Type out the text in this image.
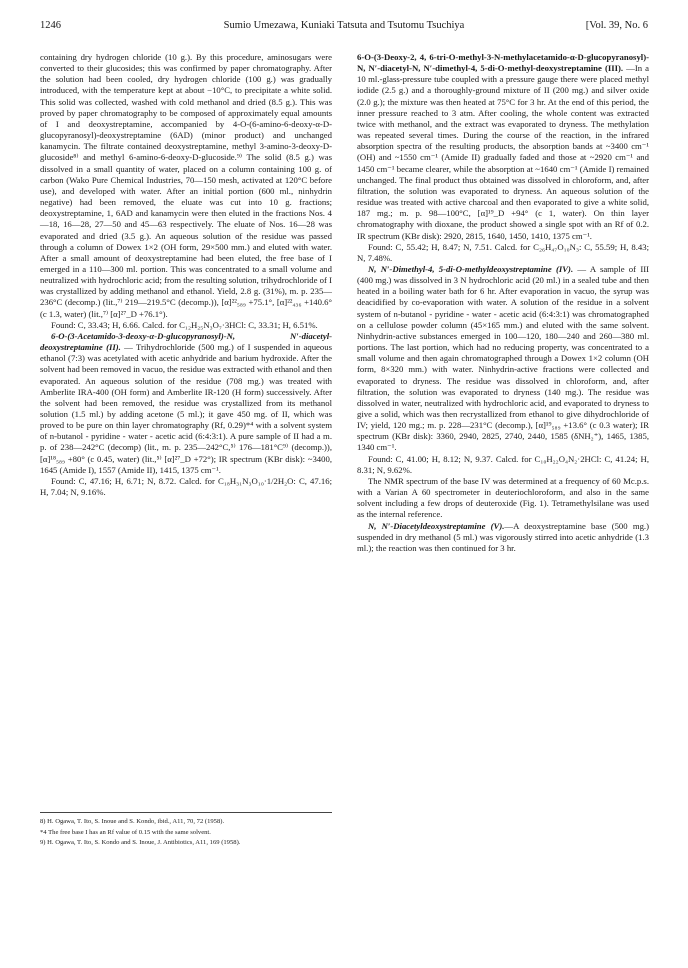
1246	Sumio Umezawa, Kuniaki Tatsuta and Tsutomu Tsuchiya	[Vol. 39, No. 6

containing dry hydrogen chloride (10 g.). By this procedure, aminosugars were converted to their glucosides; this was confirmed by paper chromatography. After the solution had been cooled, dry hydrogen chloride (100 g.) was gradually introduced, with the temperature kept at about −10°C, to precipitate a white solid. This solid was collected, washed with cold methanol and dried (8.5 g.). This was proved by paper chromatography to be composed of approximately equal amounts of I and deoxystreptamine, accompanied by 4-O-(6-amino-6-deoxy-α-D-glucopyranosyl)-deoxystreptamine (6AD) (minor product) and unchanged kanamycin. The filtrate contained deoxystreptamine, methyl 3-amino-3-deoxy-D-glucoside⁸⁾ and methyl 6-amino-6-deoxy-D-glucoside.⁹⁾ The solid (8.5 g.) was dissolved in a small quantity of water, placed on a column containing 100 g. of carbon (Wako Pure Chemical Industries, 70—150 mesh, activated at 120°C before use), and developed with water. After an initial portion (600 ml., ninhydrin negative) had been removed, the eluate was cut into 10 g. fractions; deoxystreptamine, 1, 6AD and kanamycin were then eluted in the fractions Nos. 4—18, 16—28, 27—50 and 45—63 respectively. The eluate of Nos. 16—28 was evaporated and dried (3.5 g.). An aqueous solution of the residue was passed through a column of Dowex 1×2 (OH form, 29×500 mm.) and eluted with water. After a small amount of deoxystreptamine had been eluted, the free base of I emerged in a 110—300 ml. portion. This was concentrated to a small volume and neutralized with hydrochloric acid; from the resulting solution, trihydrochloride of I was crystallized by adding methanol and ethanol. Yield, 2.8 g. (31%), m. p. 235—236°C (decomp.) (lit.,⁷⁾ 219—219.5°C (decomp.)), [α]²²₅₈₉ +75.1°, [α]²²₄₃₆ +140.6° (c 1.3, water) (lit.,⁷⁾ [α]²⁷_D +76.1°).

Found: C, 33.43; H, 6.66. Calcd. for C₁₂H₂₅N₃O₇·3HCl: C, 33.31; H, 6.51%.

6-O-(3-Acetamido-3-deoxy-α-D-glucopyranosyl)-N, N′-diacetyl-deoxystreptamine (II). — Trihydrochloride (500 mg.) of I suspended in aqueous ethanol (7:3) was acetylated with acetic anhydride and barium hydroxide. After the solvent had been removed in vacuo, the residue was extracted with ethanol and then evaporated. An aqueous solution of the residue (708 mg.) was treated with Amberlite IRA-400 (OH form) and Amberlite IR-120 (H form) successively. After the solvent had been removed, the residue was crystallized from its methanol solution (1.5 ml.) by adding acetone (5 ml.); it gave 450 mg. of II, which was proved to be pure on thin layer chromatography (Rf, 0.29)*⁴ with a solvent system of n-butanol - pyridine - water - acetic acid (6:4:3:1). A pure sample of II had a m. p. of 238—242°C (decomp) (lit., m. p. 235—242°C,⁵⁾ 176—181°C⁹⁾ (decomp.)), [α]¹⁸₅₈₉ +80° (c 0.45, water) (lit.,⁵⁾ [α]²⁷_D +72°); IR spectrum (KBr disk): ~3400, 1645 (Amide I), 1557 (Amide II), 1415, 1375 cm⁻¹.

Found: C, 47.16; H, 6.71; N, 8.72. Calcd. for C₁₈H₃₁N₃O₁₀·1/2H₂O: C, 47.16; H, 7.04; N, 9.16%.

8) H. Ogawa, T. Ito, S. Inoue and S. Kondo, ibid., A11, 70, 72 (1958).

*4 The free base I has an Rf value of 0.15 with the same solvent.

9) H. Ogawa, T. Ito, S. Kondo and S. Inoue, J. Antibiotics, A11, 169 (1958).

6-O-(3-Deoxy-2, 4, 6-tri-O-methyl-3-N-methylacetamido-α-D-glucopyranosyl)-N, N′-diacetyl-N, N′-dimethyl-4, 5-di-O-methyl-deoxystreptamine (III). —In a 10 ml.-glass-pressure tube coupled with a pressure gauge there were placed methyl iodide (2.5 g.) and a thoroughly-ground mixture of II (200 mg.) and silver oxide (2.0 g.); the mixture was then heated at 75°C for 3 hr. At the end of this period, the inner pressure reached to 3 atm. After cooling, the whole content was extracted twice with methanol, and the extract was evaporated to dryness. The methylation was repeated several times. During the course of the reaction, in the infrared absorption spectra of the resulting products, the absorption bands at ~3400 cm⁻¹ (OH) and ~1550 cm⁻¹ (Amide II) gradually faded and those at ~2920 cm⁻¹ and 1450 cm⁻¹ became clearer, while the absorption at ~1640 cm⁻¹ (Amide I) remained unchanged. The final product thus obtained was dissolved in chloroform, and, after filtration, the solution was evaporated to dryness. An aqueous solution of the residue was treated with active charcoal and then evaporated to give a white solid, 187 mg.; m. p. 98—100°C, [α]¹⁹_D +94° (c 1, water). On thin layer chromatography with dioxane, the product showed a single spot with an Rf of 0.2. IR spectrum (KBr disk): 2920, 2815, 1640, 1450, 1410, 1375 cm⁻¹.

Found: C, 55.42; H, 8.47; N, 7.51. Calcd. for C₂₆H₄₇O₁₀N₃: C, 55.59; H, 8.43; N, 7.48%.

N, N′-Dimethyl-4, 5-di-O-methyldeoxystreptamine (IV). — A sample of III (400 mg.) was dissolved in 3 N hydrochloric acid (20 ml.) in a sealed tube and then heated in a boiling water bath for 6 hr. After evaporation in vacuo, the syrup was deacidified by co-evaporation with water. A solution of the residue in a solvent system of n-butanol - pyridine - water - acetic acid (6:4:3:1) was chromatographed on a cellulose powder column (45×165 mm.) and eluted with the same solvent. Ninhydrin-active substances emerged in 100—120, 180—240 and 260—380 ml. portions. The last portion, which had no reducing property, was concentrated to a small volume and then again chromatographed through a Dowex 1×2 column (OH form, 8×320 mm.) with water. Ninhydrin-active fractions were collected and evaporated to dryness. The residue was dissolved in chloroform, and, after filtration, the solution was evaporated to dryness (140 mg.). The residue was dissolved in water, neutralized with hydrochloric acid, and evaporated to dryness to give a solid, which was then recrystallized from ethanol to give dihydrochloride of IV; yield, 120 mg.; m. p. 228—231°C (decomp.), [α]¹⁹₅₈₉ +13.6° (c 0.3 water); IR spectrum (KBr disk): 3360, 2940, 2825, 2740, 2440, 1585 (δNH₂⁺), 1465, 1385, 1340 cm⁻¹.

Found: C, 41.00; H, 8.12; N, 9.37. Calcd. for C₁₀H₂₂O₄N₂·2HCl: C, 41.24; H, 8.31; N, 9.62%.

The NMR spectrum of the base IV was determined at a frequency of 60 Mc.p.s. with a Varian A 60 spectrometer in deuteriochloroform, and also in the same solvent including a few drops of deuteroxide (Fig. 1). Tetramethylsilane was used as the internal reference.

N, N′-Diacetyldeoxystreptamine (V).—A deoxystreptamine base (500 mg.) suspended in dry methanol (5 ml.) was vigorously stirred into acetic anhydride (1.3 ml.); the reaction was then continued for 3 hr.
